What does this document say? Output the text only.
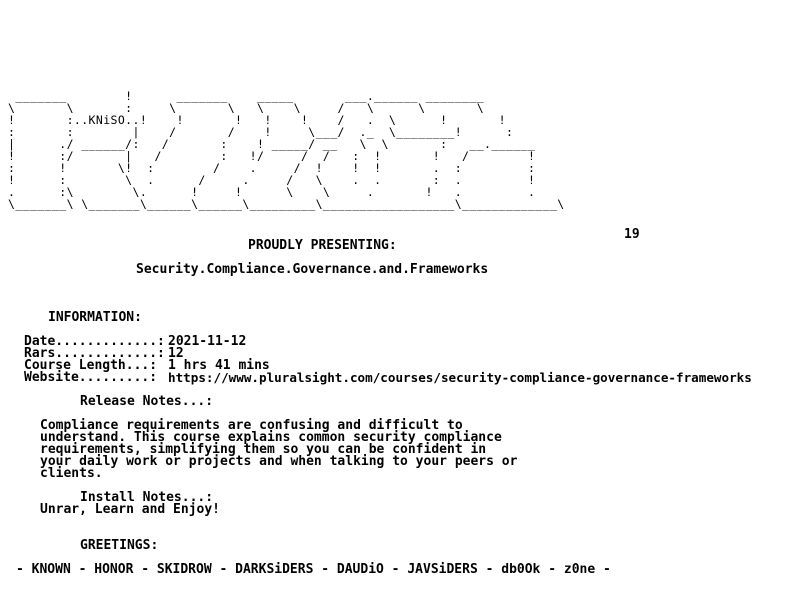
_______        !      _______    _____       ___.______ ________
\       \       :     \       \   \    \     /   \      \       \
!       :..KNiSO..!    !       !   !    !    /   .  \      !       !
:       :        |    /       /    !     \___/  ._  \________!      :
|      ./ ______/:   /       :    ! _____/ __   \  \       :   __.______
!      :/       |   /        :   !/     /  /   :  !       !   /        !
:      !       \!  :        /    .     /  !    !  !       .  :         :
!      :        \  .      /     .     /   \    .  .       :  .         !
.      :\        \.      !     !      \    \     .       !   .         .
\_______\ \_______\______\______\_________\__________________\_____________\
19
PROUDLY PRESENTING:
Security.Compliance.Governance.and.Frameworks
INFORMATION:
Date.............: 2021-11-12
Rars.............: 12
Course Length...: 1 hrs 41 mins
Website.........: https://www.pluralsight.com/courses/security-compliance-governance-frameworks
Release Notes...:
Compliance requirements are confusing and difficult to
understand. This course explains common security compliance
requirements, simplifying them so you can be confident in
your daily work or projects and when talking to your peers or
clients.
Install Notes...:
Unrar, Learn and Enjoy!
GREETINGS:
- KNOWN - HONOR - SKIDROW - DARKSiDERS - DAUDiO - JAVSiDERS - db0Ok - z0ne -
